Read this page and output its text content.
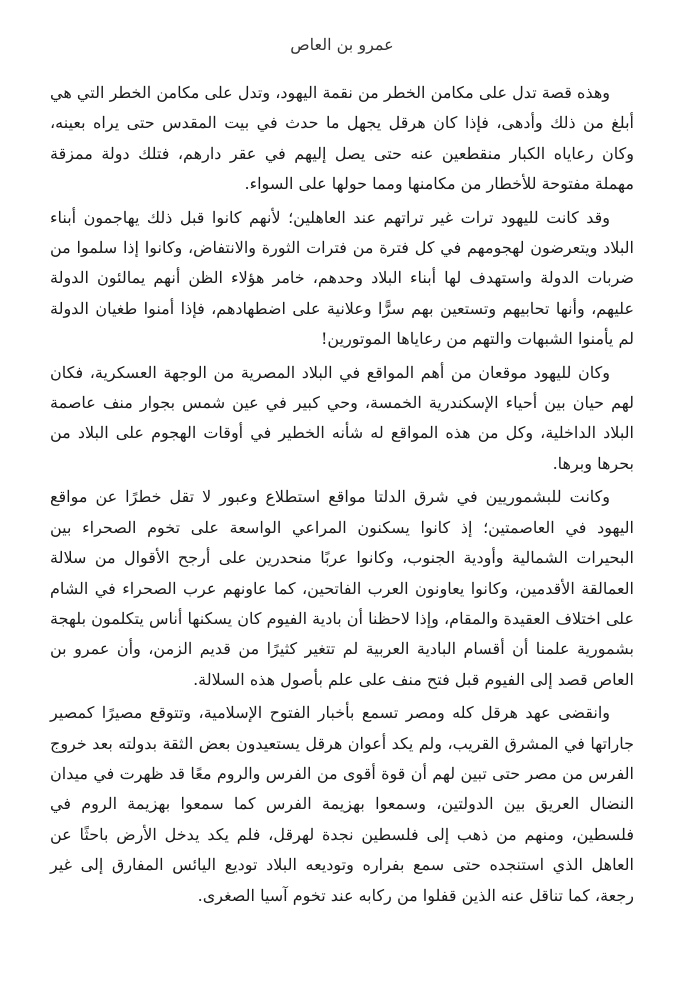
عمرو بن العاص

وهذه قصة تدل على مكامن الخطر من نقمة اليهود، وتدل على مكامن الخطر التي هي أبلغ من ذلك وأدهى، فإذا كان هرقل يجهل ما حدث في بيت المقدس حتى يراه بعينه، وكان رعاياه الكبار منقطعين عنه حتى يصل إليهم في عقر دارهم، فتلك دولة ممزقة مهملة مفتوحة للأخطار من مكامنها ومما حولها على السواء.

وقد كانت لليهود ترات غير تراتهم عند العاهلين؛ لأنهم كانوا قبل ذلك يهاجمون أبناء البلاد ويتعرضون لهجومهم في كل فترة من فترات الثورة والانتفاض، وكانوا إذا سلموا من ضربات الدولة واستهدف لها أبناء البلاد وحدهم، خامر هؤلاء الظن أنهم يمالئون الدولة عليهم، وأنها تحابيهم وتستعين بهم سرًّا وعلانية على اضطهادهم، فإذا أمنوا طغيان الدولة لم يأمنوا الشبهات والتهم من رعاياها الموتورين!

وكان لليهود موقعان من أهم المواقع في البلاد المصرية من الوجهة العسكرية، فكان لهم حيان بين أحياء الإسكندرية الخمسة، وحي كبير في عين شمس بجوار منف عاصمة البلاد الداخلية، وكل من هذه المواقع له شأنه الخطير في أوقات الهجوم على البلاد من بحرها وبرها.

وكانت للبشموريين في شرق الدلتا مواقع استطلاع وعبور لا تقل خطرًا عن مواقع اليهود في العاصمتين؛ إذ كانوا يسكنون المراعي الواسعة على تخوم الصحراء بين البحيرات الشمالية وأودية الجنوب، وكانوا عربًا منحدرين على أرجح الأقوال من سلالة العمالقة الأقدمين، وكانوا يعاونون العرب الفاتحين، كما عاونهم عرب الصحراء في الشام على اختلاف العقيدة والمقام، وإذا لاحظنا أن بادية الفيوم كان يسكنها أناس يتكلمون بلهجة بشمورية علمنا أن أقسام البادية العربية لم تتغير كثيرًا من قديم الزمن، وأن عمرو بن العاص قصد إلى الفيوم قبل فتح منف على علم بأصول هذه السلالة.

وانقضى عهد هرقل كله ومصر تسمع بأخبار الفتوح الإسلامية، وتتوقع مصيرًا كمصير جاراتها في المشرق القريب، ولم يكد أعوان هرقل يستعيدون بعض الثقة بدولته بعد خروج الفرس من مصر حتى تبين لهم أن قوة أقوى من الفرس والروم معًا قد ظهرت في ميدان النضال العريق بين الدولتين، وسمعوا بهزيمة الفرس كما سمعوا بهزيمة الروم في فلسطين، ومنهم من ذهب إلى فلسطين نجدة لهرقل، فلم يكد يدخل الأرض باحثًا عن العاهل الذي استنجده حتى سمع بفراره وتوديعه البلاد توديع اليائس المفارق إلى غير رجعة، كما تناقل عنه الذين قفلوا من ركابه عند تخوم آسيا الصغرى.
